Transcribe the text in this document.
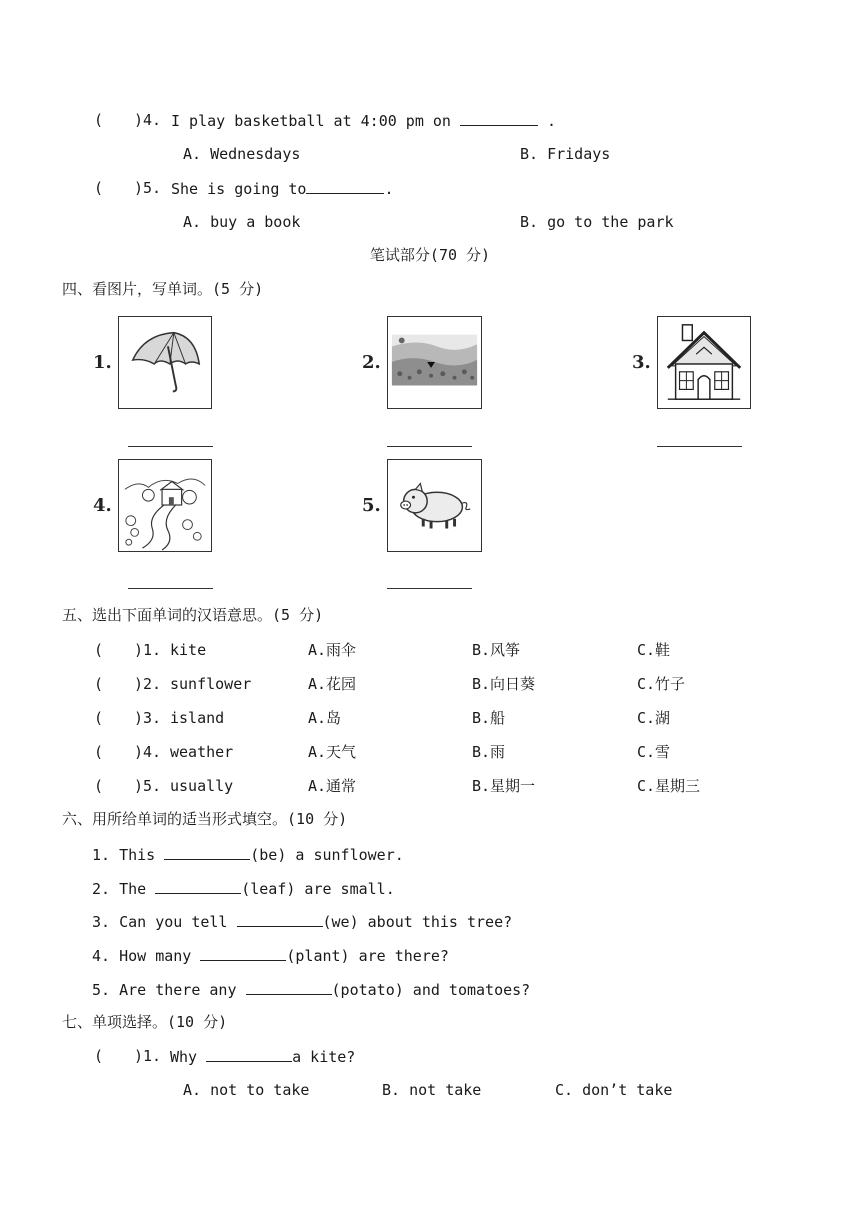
( )4. I play basketball at 4:00 pm on	.
A. Wednesdays	B. Fridays
( )5. She is going to	.
A. buy a book	B. go to the park
笔试部分(70 分)
四、看图片，写单词。(5 分)
1.	2.	3.
4.	5.
五、选出下面单词的汉语意思。(5 分)
( )1. kite	A.雨伞	B.风筝	C.鞋
( )2. sunflower	A.花园	B.向日葵	C.竹子
( )3. island	A.岛	B.船	C.湖
( )4. weather	A.天气	B.雨	C.雪
( )5. usually	A.通常	B.星期一	C.星期三
六、用所给单词的适当形式填空。(10 分)
1. This	(be) a sunflower.
2. The	(leaf) are small.
3. Can you tell	(we) about this tree?
4. How many	(plant) are there?
5. Are there any	(potato) and tomatoes?
七、单项选择。(10 分)
( )1. Why	a kite?
A. not to take	B. not take	C. don’t take
